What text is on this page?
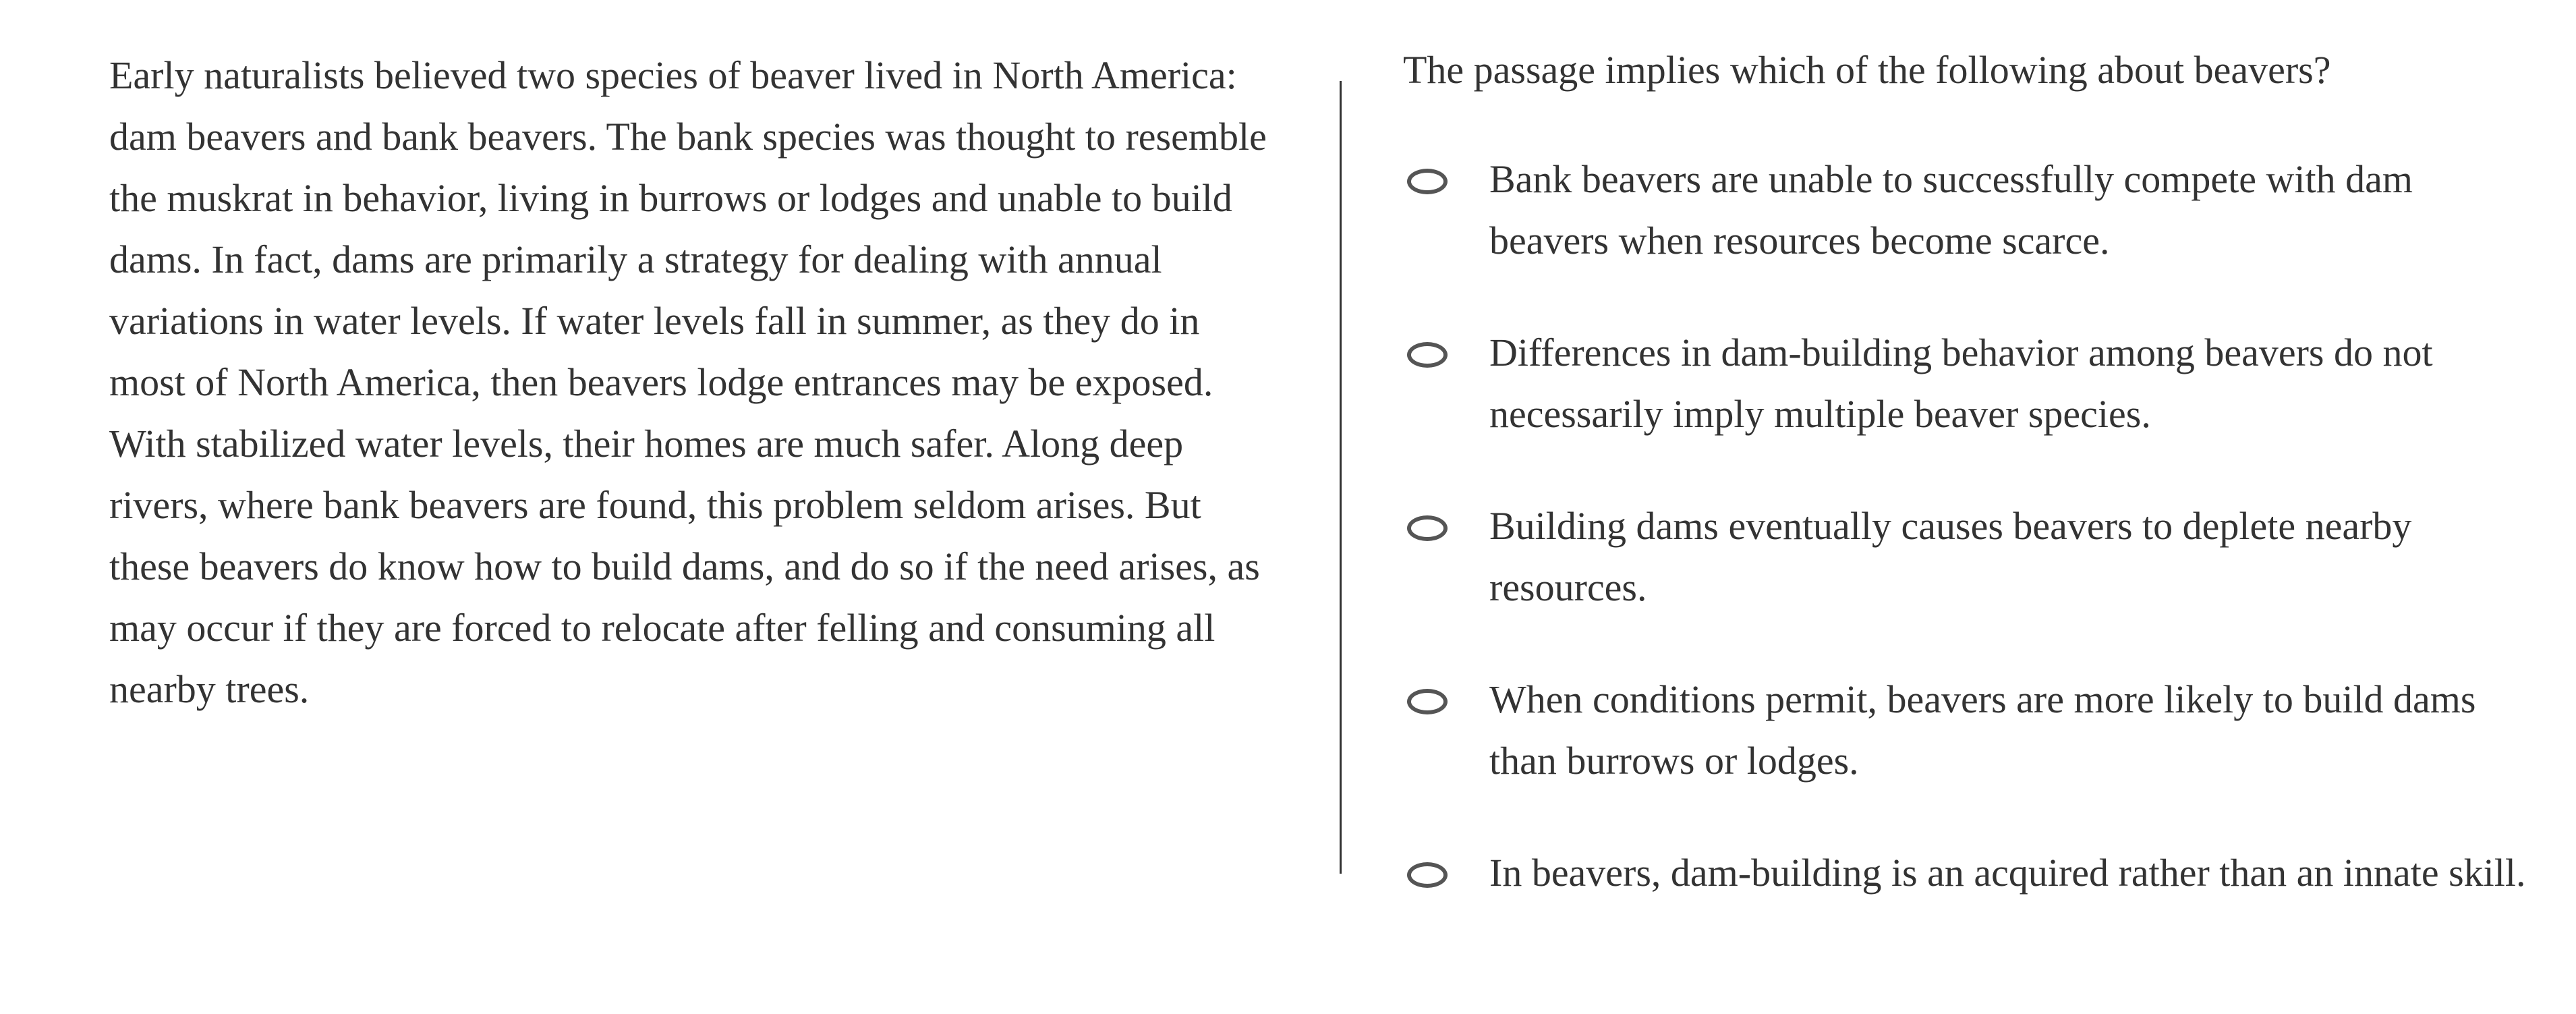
Early naturalists believed two species of beaver lived in North America: dam beavers and bank beavers. The bank species was thought to resemble the muskrat in behavior, living in burrows or lodges and unable to build dams. In fact, dams are primarily a strategy for dealing with annual variations in water levels. If water levels fall in summer, as they do in most of North America, then beavers lodge entrances may be exposed. With stabilized water levels, their homes are much safer. Along deep rivers, where bank beavers are found, this problem seldom arises. But these beavers do know how to build dams, and do so if the need arises, as may occur if they are forced to relocate after felling and consuming all nearby trees.
The passage implies which of the following about beavers?
Bank beavers are unable to successfully compete with dam beavers when resources become scarce.
Differences in dam-building behavior among beavers do not necessarily imply multiple beaver species.
Building dams eventually causes beavers to deplete nearby resources.
When conditions permit, beavers are more likely to build dams than burrows or lodges.
In beavers, dam-building is an acquired rather than an innate skill.
